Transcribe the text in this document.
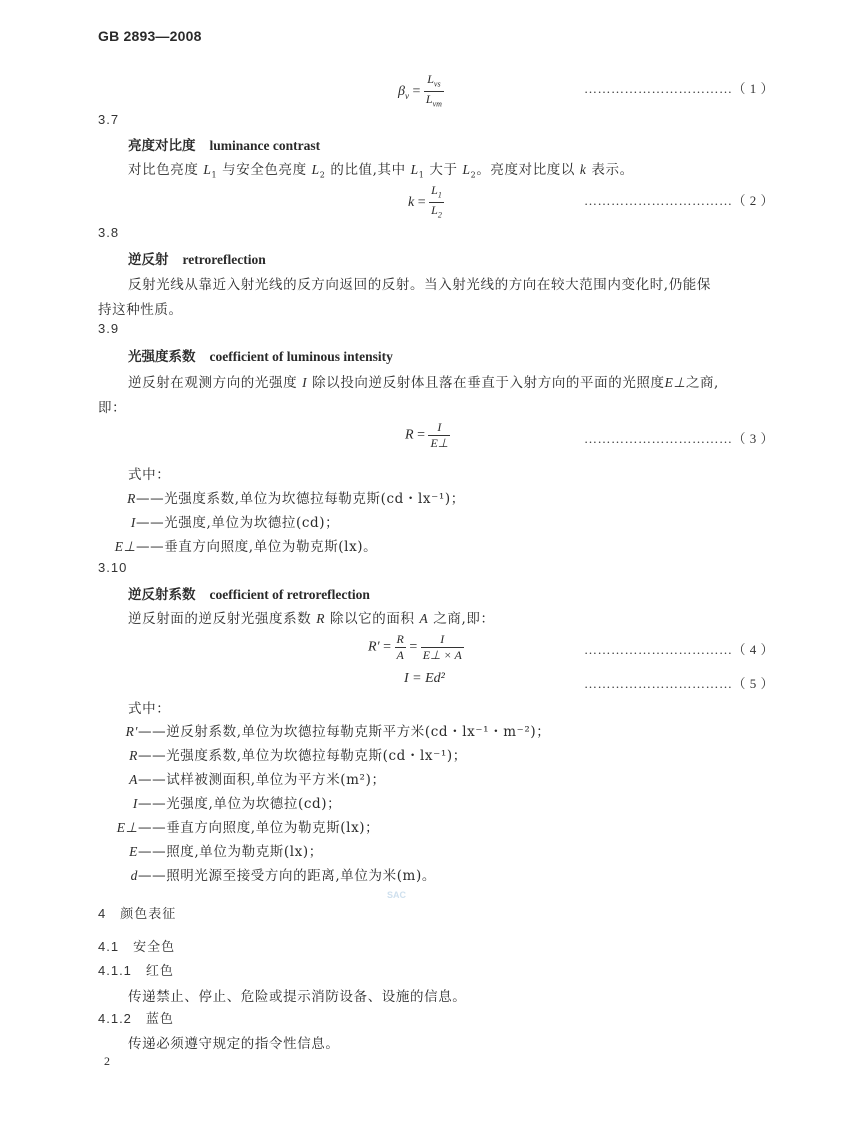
GB 2893—2008
$\beta_v = \frac{L_{vs}}{L_{vm}}$	……………………………（ 1 ）
3.7
亮度对比度 luminance contrast
对比色亮度 $L_1$ 与安全色亮度 $L_2$ 的比值,其中 $L_1$ 大于 $L_2$。亮度对比度以 k 表示。
$k = \frac{L_1}{L_2}$	……………………………（ 2 ）
3.8
逆反射 retroreflection
反射光线从靠近入射光线的反方向返回的反射。当入射光线的方向在较大范围内变化时,仍能保
持这种性质。
3.9
光强度系数 coefficient of luminous intensity
逆反射在观测方向的光强度 I 除以投向逆反射体且落在垂直于入射方向的平面的光照度E⊥之商,
即：
$R = \frac{I}{E\perp}$	……………………………（ 3 ）
式中：
R——光强度系数,单位为坎德拉每勒克斯(cd・lx⁻¹)；
I——光强度,单位为坎德拉(cd)；
E⊥——垂直方向照度,单位为勒克斯(lx)。
3.10
逆反射系数 coefficient of retroreflection
逆反射面的逆反射光强度系数 R 除以它的面积 A 之商,即：
$R' = \frac{R}{A} = \frac{I}{E\perp \times A}$	……………………………（ 4 ）
I = Ed²	……………………………（ 5 ）
式中：
R′——逆反射系数,单位为坎德拉每勒克斯平方米(cd・lx⁻¹・m⁻²)；
R——光强度系数,单位为坎德拉每勒克斯(cd・lx⁻¹)；
A——试样被测面积,单位为平方米(m²)；
I——光强度,单位为坎德拉(cd)；
E⊥——垂直方向照度,单位为勒克斯(lx)；
E——照度,单位为勒克斯(lx)；
d——照明光源至接受方向的距离,单位为米(m)。
SAC
4 颜色表征
4.1 安全色
4.1.1 红色
传递禁止、停止、危险或提示消防设备、设施的信息。
4.1.2 蓝色
传递必须遵守规定的指令性信息。
2
